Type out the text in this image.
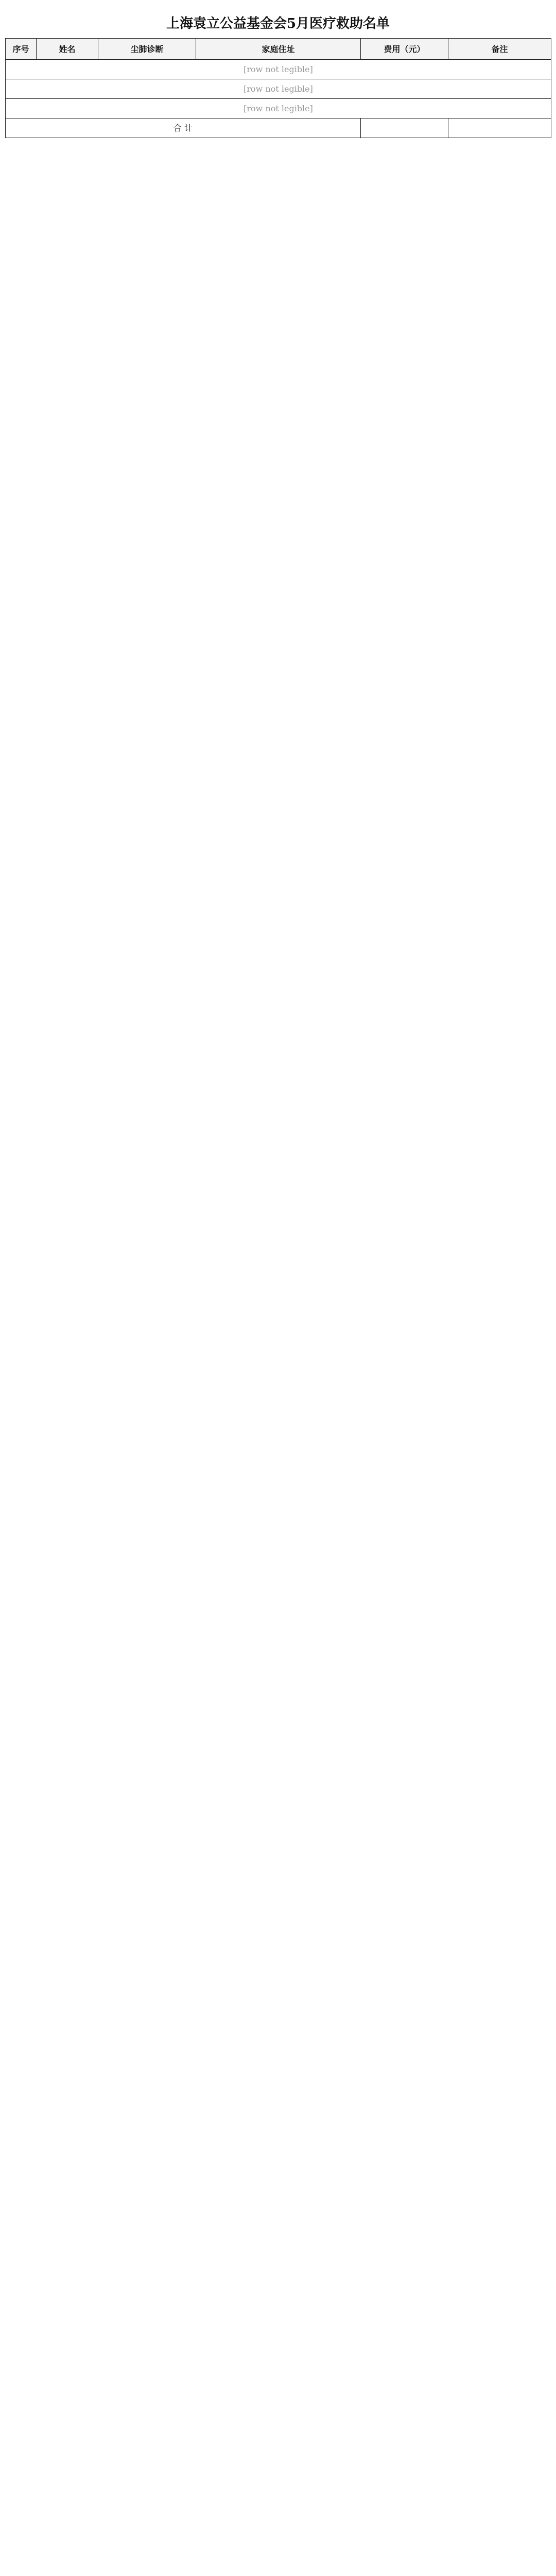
上海袁立公益基金会5月医疗救助名单
序号	姓名	尘肺诊断	家庭住址	费用（元）	备注
[row not legible]					
[row not legible]					
[row not legible]					
合 计					
